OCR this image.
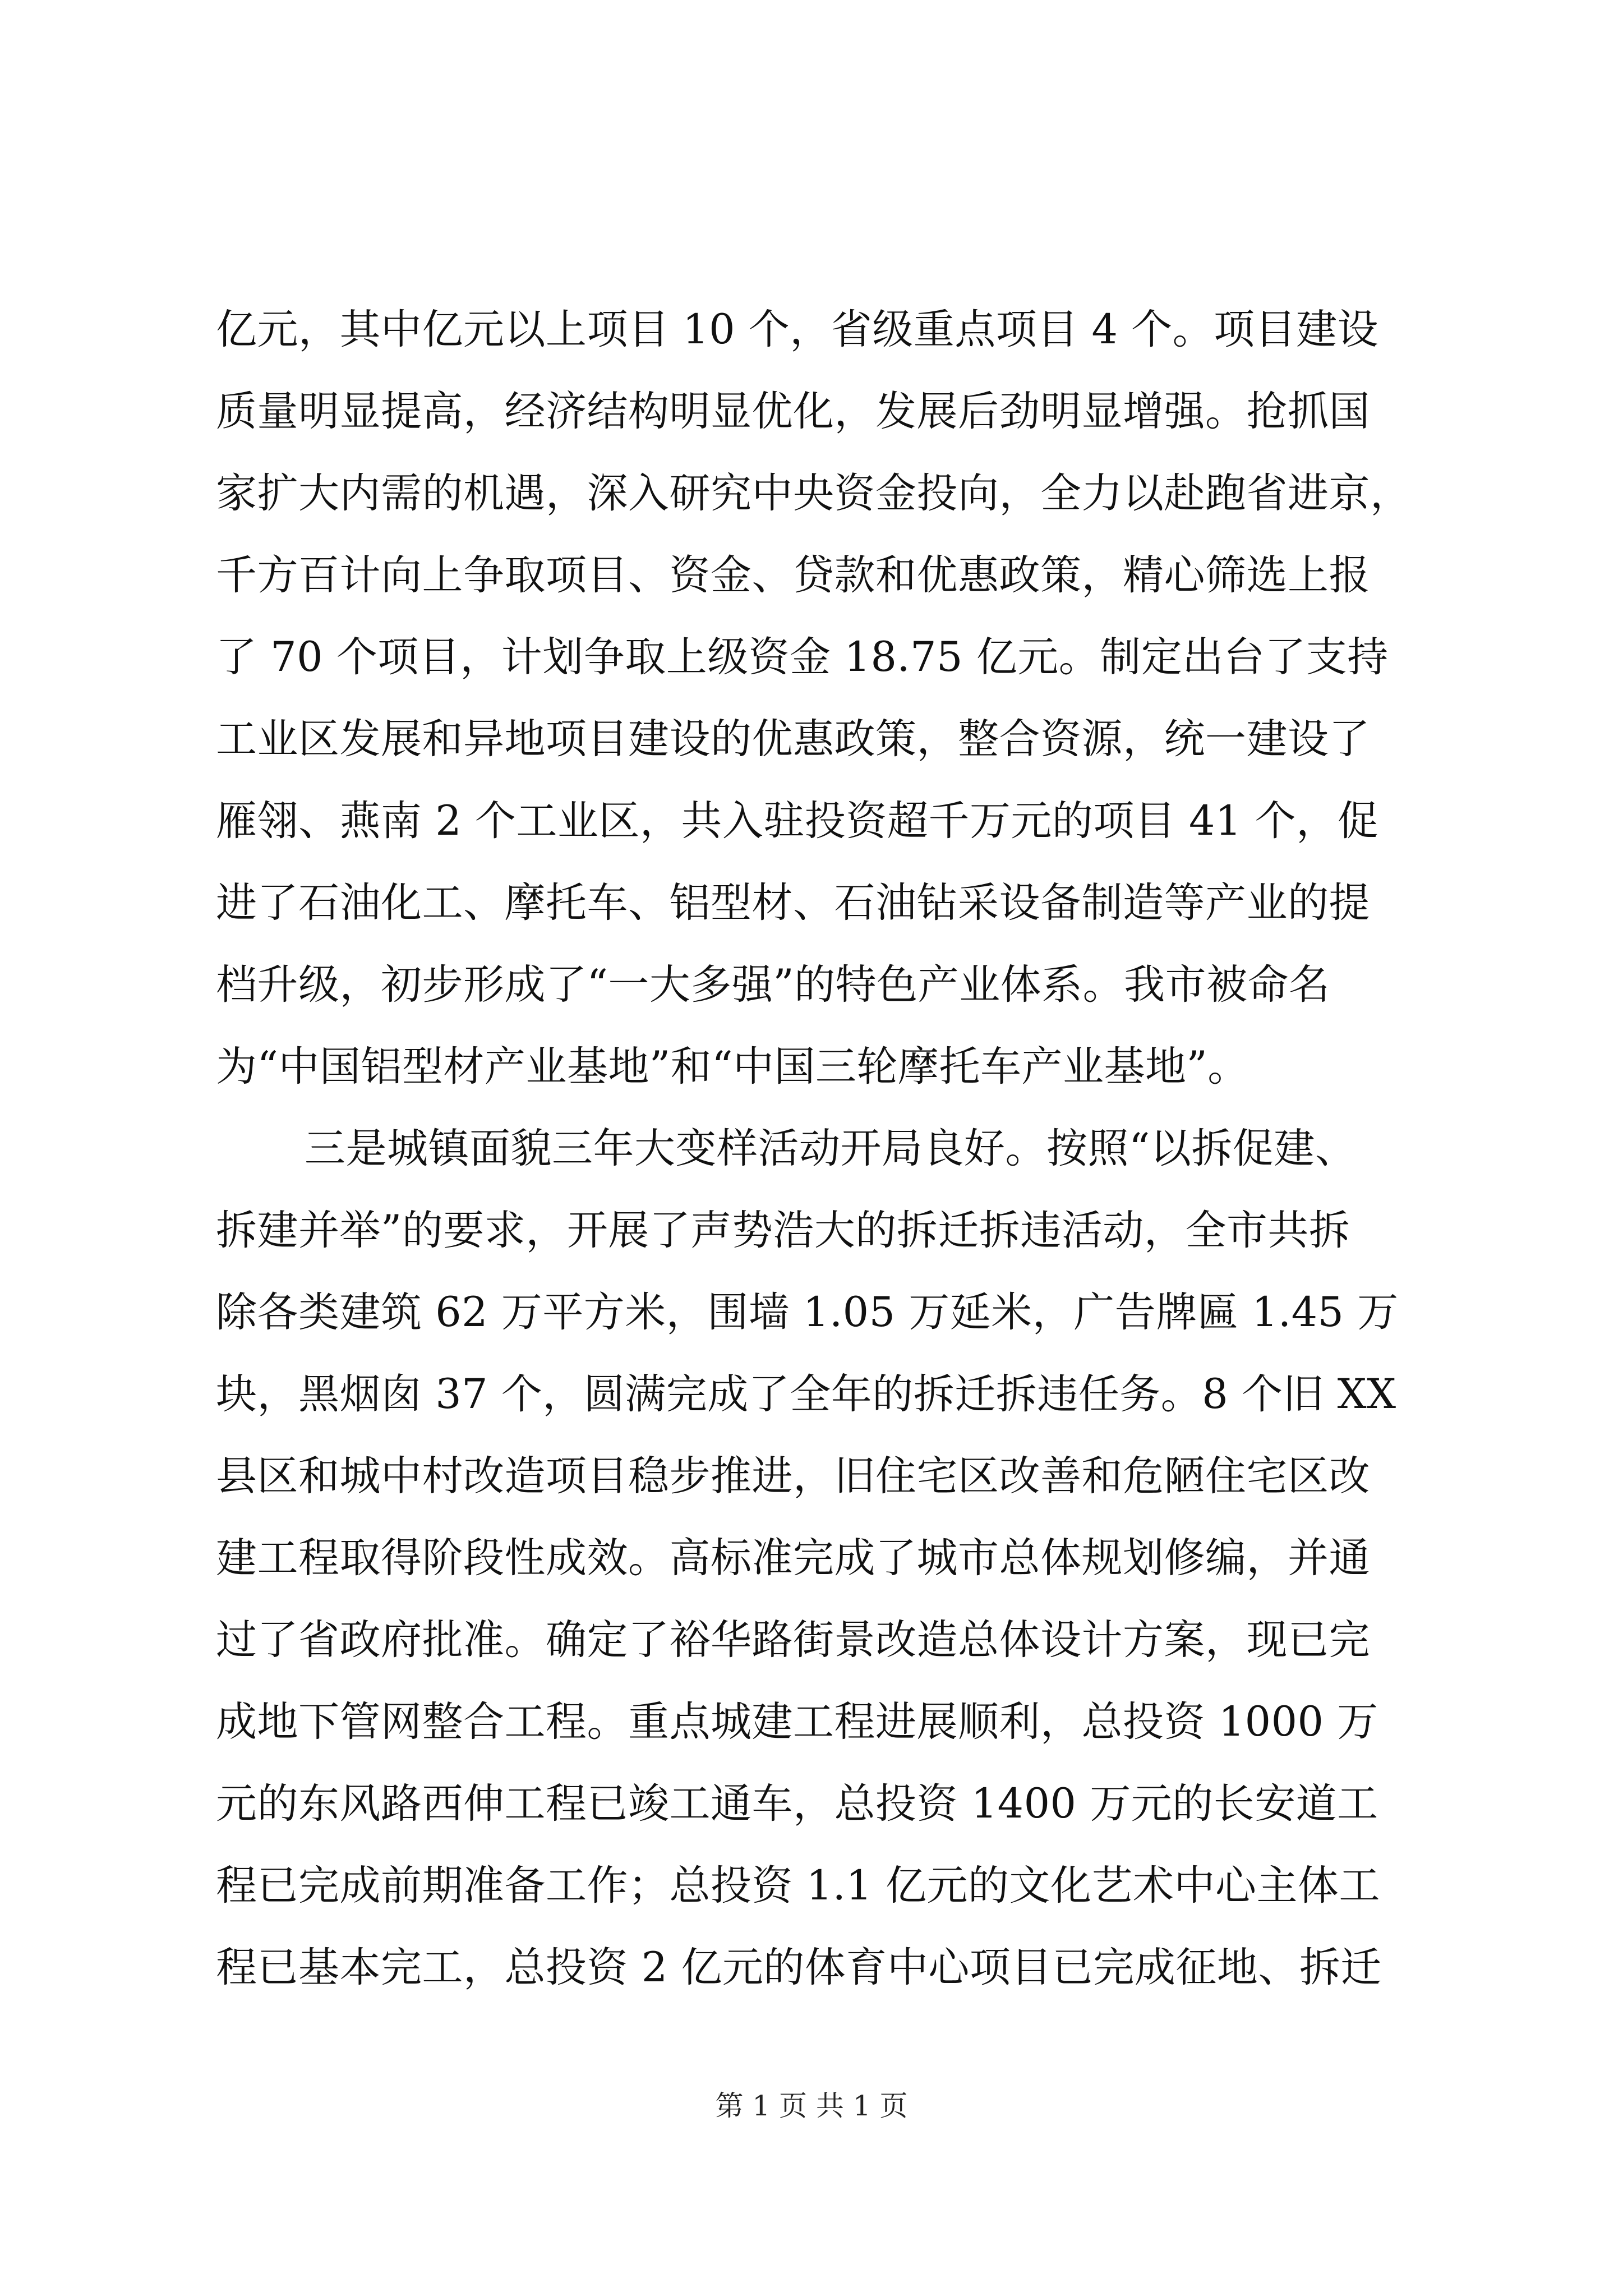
亿元，其中亿元以上项目 10 个，省级重点项目 4 个。项目建设
质量明显提高，经济结构明显优化，发展后劲明显增强。抢抓国
家扩大内需的机遇，深入研究中央资金投向，全力以赴跑省进京，
千方百计向上争取项目、资金、贷款和优惠政策，精心筛选上报
了 70 个项目，计划争取上级资金 18.75 亿元。制定出台了支持
工业区发展和异地项目建设的优惠政策，整合资源，统一建设了
雁翎、燕南 2 个工业区，共入驻投资超千万元的项目 41 个，促
进了石油化工、摩托车、铝型材、石油钻采设备制造等产业的提
档升级，初步形成了“一大多强”的特色产业体系。我市被命名
为“中国铝型材产业基地”和“中国三轮摩托车产业基地”。
三是城镇面貌三年大变样活动开局良好。按照“以拆促建、
拆建并举”的要求，开展了声势浩大的拆迁拆违活动，全市共拆
除各类建筑 62 万平方米，围墙 1.05 万延米，广告牌匾 1.45 万
块，黑烟囱 37 个，圆满完成了全年的拆迁拆违任务。8 个旧 XX
县区和城中村改造项目稳步推进，旧住宅区改善和危陋住宅区改
建工程取得阶段性成效。高标准完成了城市总体规划修编，并通
过了省政府批准。确定了裕华路街景改造总体设计方案，现已完
成地下管网整合工程。重点城建工程进展顺利，总投资 1000 万
元的东风路西伸工程已竣工通车，总投资 1400 万元的长安道工
程已完成前期准备工作；总投资 1.1 亿元的文化艺术中心主体工
程已基本完工，总投资 2 亿元的体育中心项目已完成征地、拆迁
第 1 页 共 1 页
